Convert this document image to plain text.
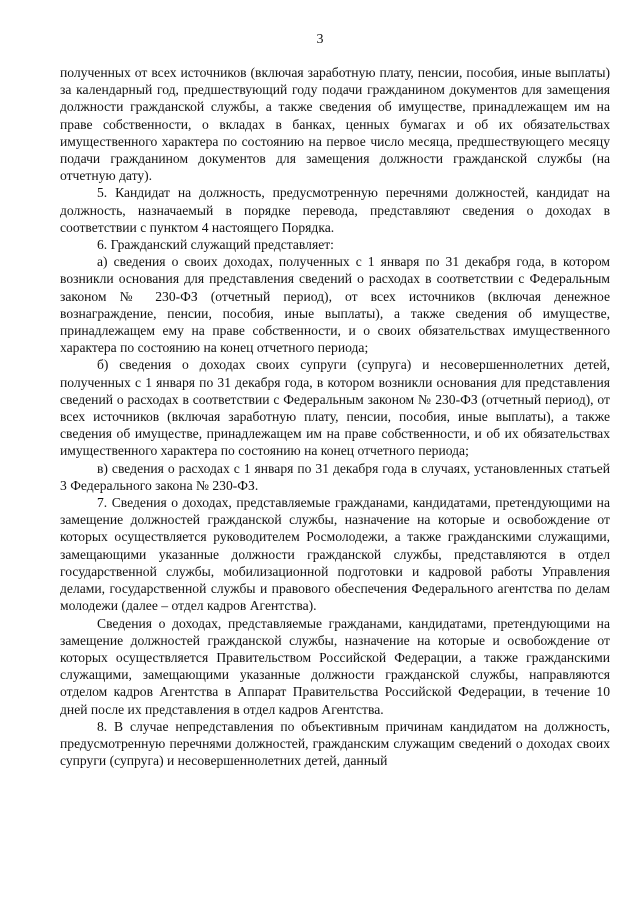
3

полученных от всех источников (включая заработную плату, пенсии, пособия, иные выплаты) за календарный год, предшествующий году подачи гражданином документов для замещения должности гражданской службы, а также сведения об имуществе, принадлежащем им на праве собственности, о вкладах в банках, ценных бумагах и об их обязательствах имущественного характера по состоянию на первое число месяца, предшествующего месяцу подачи гражданином документов для замещения должности гражданской службы (на отчетную дату).

5. Кандидат на должность, предусмотренную перечнями должностей, кандидат на должность, назначаемый в порядке перевода, представляют сведения о доходах в соответствии с пунктом 4 настоящего Порядка.

6. Гражданский служащий представляет:

а) сведения о своих доходах, полученных с 1 января по 31 декабря года, в котором возникли основания для представления сведений о расходах в соответствии с Федеральным законом № 230-ФЗ (отчетный период), от всех источников (включая денежное вознаграждение, пенсии, пособия, иные выплаты), а также сведения об имуществе, принадлежащем ему на праве собственности, и о своих обязательствах имущественного характера по состоянию на конец отчетного периода;

б) сведения о доходах своих супруги (супруга) и несовершеннолетних детей, полученных с 1 января по 31 декабря года, в котором возникли основания для представления сведений о расходах в соответствии с Федеральным законом № 230-ФЗ (отчетный период), от всех источников (включая заработную плату, пенсии, пособия, иные выплаты), а также сведения об имуществе, принадлежащем им на праве собственности, и об их обязательствах имущественного характера по состоянию на конец отчетного периода;

в) сведения о расходах с 1 января по 31 декабря года в случаях, установленных статьей 3 Федерального закона № 230-ФЗ.

7. Сведения о доходах, представляемые гражданами, кандидатами, претендующими на замещение должностей гражданской службы, назначение на которые и освобождение от которых осуществляется руководителем Росмолодежи, а также гражданскими служащими, замещающими указанные должности гражданской службы, представляются в отдел государственной службы, мобилизационной подготовки и кадровой работы Управления делами, государственной службы и правового обеспечения Федерального агентства по делам молодежи (далее – отдел кадров Агентства).

Сведения о доходах, представляемые гражданами, кандидатами, претендующими на замещение должностей гражданской службы, назначение на которые и освобождение от которых осуществляется Правительством Российской Федерации, а также гражданскими служащими, замещающими указанные должности гражданской службы, направляются отделом кадров Агентства в Аппарат Правительства Российской Федерации, в течение 10 дней после их представления в отдел кадров Агентства.

8. В случае непредставления по объективным причинам кандидатом на должность, предусмотренную перечнями должностей, гражданским служащим сведений о доходах своих супруги (супруга) и несовершеннолетних детей, данный
